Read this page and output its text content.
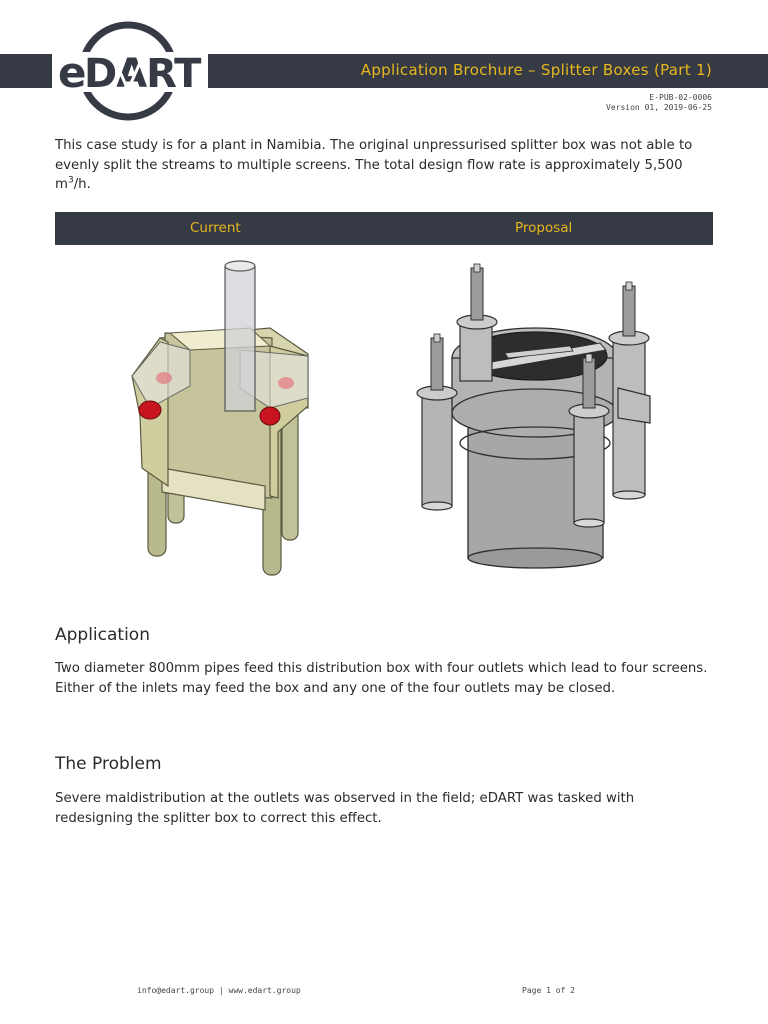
e DART	Application Brochure – Splitter Boxes (Part 1)
E-PUB-02-0006
Version 01, 2019-06-25

This case study is for a plant in Namibia. The original unpressurised splitter box was not able to evenly split the streams to multiple screens. The total design flow rate is approximately 5,500 $m^3/h$.

Current	Proposal
Application

Two diameter 800mm pipes feed this distribution box with four outlets which lead to four screens. Either of the inlets may feed the box and any one of the four outlets may be closed.

The Problem

Severe maldistribution at the outlets was observed in the field; eDART was tasked with redesigning the splitter box to correct this effect.

info@edart.group | www.edart.group	Page 1 of 2
